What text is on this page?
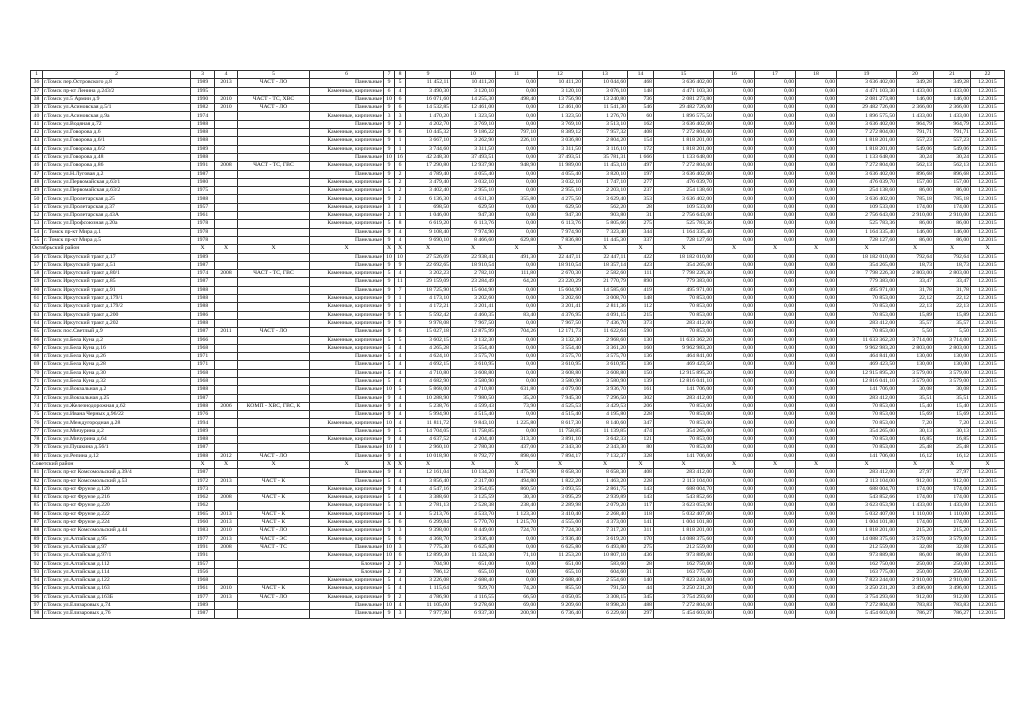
1	2	3	4	5	6	7	8	9	10	11	12	13	14	15	16	17	18	19	20	21	22
36	г.Томск пер.Островского д.8	1989	2013	ЧАСТ - ЛО	Панельные	9	5	11 452,11	10 411,20	0,00	10 411,20	10 044,60	468	3 636 402,00	0,00	0,00	0,00	3 636 402,00	349,28	349,28	12.2015
37	г.Томск пр-кт Ленина д.243/2	1995			Каменные, кирпичные	6	4	3 490,30	3 120,10	0,00	3 120,10	3 076,10	148	4 471 103,30	0,00	0,00	0,00	4 471 103,30	1 433,00	1 433,00	12.2015
38	г.Томск ул.5 Армии д.9	1990	2010	ЧАСТ - ТС, ХВС	Панельные	10	6	16 071,60	14 255,30	498,40	13 756,90	13 240,80	736	2 081 273,80	0,00	0,00	0,00	2 081 273,80	146,00	146,00	12.2015
39	г.Томск ул.Асиновская д.5/1	1982	2010	ЧАСТ - ЛО	Панельные	9	6	14 532,85	12 461,00	0,00	12 461,00	11 541,30	546	29 482 726,00	0,00	0,00	0,00	29 482 726,00	2 366,00	2 366,00	12.2015
40	г.Томск ул.Асиновская д.9а	1974			Каменные, кирпичные	3	3	1 470,20	1 323,50	0,00	1 323,50	1 276,70	60	1 896 575,50	0,00	0,00	0,00	1 896 575,50	1 433,00	1 433,00	12.2015
41	г.Томск ул.Водяная д.72	1988			Панельные	9	2	4 202,70	3 769,10	0,00	3 769,10	3 513,10	162	3 636 402,00	0,00	0,00	0,00	3 636 402,00	964,79	964,79	12.2015
42	г.Томск ул.Говорова д.6	1988			Каменные, кирпичные	9	6	10 445,32	9 186,22	797,10	8 389,12	7 957,32	408	7 272 804,00	0,00	0,00	0,00	7 272 804,00	791,71	791,71	12.2015
43	г.Томск ул.Говорова д.6/1	1988			Каменные, кирпичные	9	1	3 667,10	3 262,90	226,10	3 036,80	2 804,20	154	1 818 201,00	0,00	0,00	0,00	1 818 201,00	557,23	557,23	12.2015
44	г.Томск ул.Говорова д.6/2	1989			Каменные, кирпичные	9	1	3 744,60	3 311,50	0,00	3 311,50	3 116,10	172	1 818 201,00	0,00	0,00	0,00	1 818 201,00	549,06	549,06	12.2015
45	г.Томск ул.Говорова д.48	1988			Панельные	10	16	42 248,30	37 493,51	0,00	37 493,51	35 781,31	1 666	1 133 648,00	0,00	0,00	0,00	1 133 648,00	30,24	30,24	12.2015
46	г.Томск ул.Говорова д.86	1991	2008	ЧАСТ - ТС, ГВС	Каменные, кирпичные	9	6	17 290,80	12 937,90	948,90	11 989,00	11 453,10	497	7 272 804,00	0,00	0,00	0,00	7 272 804,00	562,13	562,13	12.2015
47	г.Томск ул.Н.Луговая д.2	1987			Панельные	9	2	4 789,40	4 055,40	0,00	4 055,40	3 820,10	197	3 636 402,00	0,00	0,00	0,00	3 636 402,00	896,68	896,68	12.2015
48	г.Томск ул.Первомайская д.63/1	1980			Каменные, кирпичные	5	2	3 479,40	3 032,10	0,00	3 032,10	1 747,10	277	476 039,70	0,00	0,00	0,00	476 039,70	157,00	157,00	12.2015
49	г.Томск ул.Первомайская д.63/2	1975			Каменные, кирпичные	5	2	3 402,40	2 955,10	0,00	2 955,10	2 203,10	237	254 138,60	0,00	0,00	0,00	254 138,60	86,00	86,00	12.2015
50	г.Томск ул.Пролетарская д.25	1988			Каменные, кирпичные	9	2	6 136,30	4 631,30	355,80	4 275,50	3 629,40	353	3 636 402,00	0,00	0,00	0,00	3 636 402,00	785,18	785,18	12.2015
51	г.Томск ул.Пролетарская д.37	1957			Каменные, кирпичные	3	1	698,50	629,50	0,00	629,50	562,20	28	109 533,00	0,00	0,00	0,00	109 533,00	174,00	174,00	12.2015
52	г.Томск ул.Пролетарская д.43А	1961			Каменные, кирпичные	2	1	1 046,00	947,30	0,00	947,30	903,80	31	2 756 643,00	0,00	0,00	0,00	2 756 643,00	2 910,00	2 910,00	12.2015
53	г.Томск ул.Профсоюзная д.20а	1978			Каменные, кирпичные	5	8	6 619,20	6 113,76	0,00	6 113,76	5 805,66	275	525 783,36	0,00	0,00	0,00	525 783,36	86,00	86,00	12.2015
54	г. Томск пр-кт Мира д.1	1978			Панельные	9	4	9 108,40	7 974,90	0,00	7 974,90	7 323,40	344	1 164 335,40	0,00	0,00	0,00	1 164 335,40	146,00	146,00	12.2015
55	г. Томск пр-кт Мира д.5	1978			Панельные	9	4	9 690,10	8 466,60	629,80	7 836,80	11 445,30	337	728 127,60	0,00	0,00	0,00	728 127,60	86,00	86,00	12.2015
Октябрьский район		X	X	X	X	X	X	X	X	X	X	X	X	X	X	X	X	X	X	X	X
56	г.Томск Иркутский тракт д.17	1989			Панельные	10	10	27 526,09	22 938,41	491,30	22 447,11	22 447,11	422	18 182 010,00	0,00	0,00	0,00	18 182 010,00	792,64	792,64	12.2015
57	г.Томск Иркутский тракт д.51	1987			Панельные	9	9	22 692,65	18 910,54	0,00	18 910,54	18 357,14	423	354 265,00	0,00	0,00	0,00	354 265,00	18,73	18,73	12.2015
58	г.Томск Иркутский тракт д.80/1	1974	2008	ЧАСТ - ТС, ГВС	Каменные, кирпичные	5	4	3 202,23	2 782,10	111,80	2 670,30	2 582,60	111	7 798 226,30	0,00	0,00	0,00	7 798 226,30	2 803,00	2 803,00	12.2015
59	г.Томск Иркутский тракт д.85	1987			Панельные	9	11	29 159,09	23 284,49	64,20	23 220,29	21 770,79	890	779 383,00	0,00	0,00	0,00	779 383,00	33,47	33,47	12.2015
60	г.Томск Иркутский тракт д.91	1988			Панельные	9	7	18 725,90	15 604,90	0,00	15 604,90	14 585,60	419	495 971,00	0,00	0,00	0,00	495 971,00	31,78	31,78	12.2015
61	г.Томск Иркутский тракт д.179/1	1988			Каменные, кирпичные	9	1	4 173,10	3 202,60	0,00	3 202,60	3 008,70	148	70 853,00	0,00	0,00	0,00	70 853,00	22,12	22,12	12.2015
62	г.Томск Иркутский тракт д.179/2	1988			Каменные, кирпичные	9	1	4 172,21	3 201,41	0,00	3 201,41	2 811,36	112	70 853,00	0,00	0,00	0,00	70 853,00	22,13	22,13	12.2015
63	г.Томск Иркутский тракт д.200	1986			Каменные, кирпичные	9	5	5 592,42	4 460,35	83,40	4 376,95	4 091,15	215	70 853,00	0,00	0,00	0,00	70 853,00	15,89	15,89	12.2015
64	г.Томск Иркутский тракт д.202	1988			Каменные, кирпичные	9	9	9 978,08	7 967,50	0,00	7 967,50	7 436,70	373	283 412,00	0,00	0,00	0,00	283 412,00	35,57	35,57	12.2015
65	г.Томск пос.Светлый д.9	1987	2011	ЧАСТ - ЛО	Панельные	9	6	15 027,18	12 875,99	704,26	12 171,73	11 622,64	590	70 853,00	0,00	0,00	0,00	70 853,00	5,50	5,50	12.2015
66	г.Томск ул.Бела Куна д.2	1966			Каменные, кирпичные	5	5	3 602,15	3 132,30	0,00	3 132,30	2 968,60	130	11 633 362,20	0,00	0,00	0,00	11 633 362,20	3 714,00	3 714,00	12.2015
67	г.Томск ул.Бела Куна д.16	1968			Каменные, кирпичные	5	4	4 265,28	3 554,40	0,00	3 554,40	3 361,20	160	9 962 983,20	0,00	0,00	0,00	9 962 983,20	2 803,00	2 803,00	12.2015
68	г.Томск ул.Бела Куна д.26	1971			Панельные	5	4	4 624,10	3 575,70	0,00	3 575,70	3 575,70	136	464 841,00	0,00	0,00	0,00	464 841,00	130,00	130,00	12.2015
69	г.Томск ул.Бела Куна д.28	1971			Панельные	5	4	4 692,15	3 610,95	0,00	3 610,95	3 610,95	136	469 423,50	0,00	0,00	0,00	469 423,50	130,00	130,00	12.2015
70	г.Томск ул.Бела Куна д.30	1968			Панельные	5	4	4 710,80	3 608,80	0,00	3 608,80	3 608,80	150	12 915 895,20	0,00	0,00	0,00	12 915 895,20	3 579,00	3 579,00	12.2015
71	г.Томск ул.Бела Куна д.32	1968			Панельные	5	4	4 682,90	3 580,90	0,00	3 580,90	3 580,90	139	12 816 041,10	0,00	0,00	0,00	12 816 041,10	3 579,00	3 579,00	12.2015
72	г.Томск ул.Вокзальная д.2	1988			Панельные	10	5	5 868,00	4 710,80	631,80	4 079,00	3 936,70	161	141 706,00	0,00	0,00	0,00	141 706,00	30,08	30,08	12.2015
73	г.Томск ул.Вокзальная д.25	1987			Панельные	9	4	10 288,90	7 980,50	35,20	7 945,30	7 296,50	302	283 412,00	0,00	0,00	0,00	283 412,00	35,51	35,51	12.2015
74	г.Томск ул.Железнодорожная д.62	1988	2006	КОМП - ХВС, ГВС, К	Панельные	9	4	5 238,76	4 599,43	73,90	4 525,53	3 429,53	206	70 853,00	0,00	0,00	0,00	70 853,00	15,40	15,40	12.2015
75	г.Томск ул.Ивана Черных д.96/22	1976			Панельные	9	4	5 994,90	4 515,40	0,00	4 515,40	4 195,80	228	70 853,00	0,00	0,00	0,00	70 853,00	15,69	15,69	12.2015
76	г.Томск ул.Междугородная д.28	1994			Каменные, кирпичные	10	4	11 811,72	9 843,10	1 225,80	8 617,30	8 140,60	347	70 853,00	0,00	0,00	0,00	70 853,00	7,20	7,20	12.2015
77	г.Томск ул.Мичурина д.2	1989			Панельные	9	5	14 704,05	11 758,85	0,00	11 758,85	11 139,85	474	354 265,00	0,00	0,00	0,00	354 265,00	30,13	30,13	12.2015
78	г.Томск ул.Мичурина д.64	1988			Каменные, кирпичные	9	4	4 637,52	4 204,40	313,30	3 891,10	3 642,33	121	70 853,00	0,00	0,00	0,00	70 853,00	16,85	16,85	12.2015
79	г.Томск ул.Пушкина д.56/1	1987			Панельные	10	1	2 960,10	2 780,30	437,00	2 343,30	2 343,30	80	70 853,00	0,00	0,00	0,00	70 853,00	25,48	25,48	12.2015
80	г.Томск ул.Репина д.12	1988	2012	ЧАСТ - ЛО	Панельные	9	4	10 018,90	8 792,77	898,60	7 894,17	7 132,37	328	141 706,00	0,00	0,00	0,00	141 706,00	16,12	16,12	12.2015
Советский район		X	X	X	X	X	X	X	X	X	X	X	X	X	X	X	X	X	X	X	X
81	г.Томск пр-кт Комсомольский д.39/4	1987			Панельные	9	4	12 161,04	10 134,20	1 475,90	8 658,30	8 658,30	408	283 412,00	0,00	0,00	0,00	283 412,00	27,97	27,97	12.2015
82	г.Томск пр-кт Комсомольский д.53	1972	2013	ЧАСТ - К	Панельные	5	4	3 856,40	2 317,00	494,80	1 822,20	1 463,20	228	2 113 104,00	0,00	0,00	0,00	2 113 104,00	912,00	912,00	12.2015
83	г.Томск пр-кт Фрунзе д.120	1973			Каменные, кирпичные	9	4	4 547,16	3 954,05	860,50	3 093,55	2 861,75	143	688 004,70	0,00	0,00	0,00	688 004,70	174,00	174,00	12.2015
84	г.Томск пр-кт Фрунзе д.216	1962	2008	ЧАСТ - К	Каменные, кирпичные	5	4	3 388,60	3 125,59	30,30	3 095,29	2 939,89	143	543 852,66	0,00	0,00	0,00	543 852,66	174,00	174,00	12.2015
85	г.Томск пр-кт Фрунзе д.220	1962			Каменные, кирпичные	5	3	2 781,13	2 528,38	238,40	2 289,98	2 079,20	117	3 623 053,90	0,00	0,00	0,00	3 623 053,90	1 433,00	1 433,00	12.2015
86	г.Томск пр-кт Фрунзе д.222	1965	2013	ЧАСТ - К	Каменные, кирпичные	5	4	5 213,76	4 533,70	1 123,30	3 410,40	2 268,40	118	5 032 407,00	0,00	0,00	0,00	5 032 407,00	1 110,00	1 110,00	12.2015
87	г.Томск пр-кт Фрунзе д.224	1960	2013	ЧАСТ - К	Каменные, кирпичные	5	6	6 299,84	5 770,70	1 215,70	4 555,00	4 373,00	141	1 004 101,80	0,00	0,00	0,00	1 004 101,80	174,00	174,00	12.2015
88	г.Томск пр-кт Комсомольский д.44	1983	2010	ЧАСТ - ЛО	Каменные, кирпичные	9	3	9 398,00	8 449,00	724,70	7 724,30	7 317,20	311	1 818 201,00	0,00	0,00	0,00	1 818 201,00	215,20	215,20	12.2015
89	г.Томск ул.Алтайская д.95	1977	2013	ЧАСТ - ЭС	Каменные, кирпичные	5	6	4 368,70	3 936,40	0,00	3 936,40	3 619,20	170	14 088 375,60	0,00	0,00	0,00	14 088 375,60	3 579,00	3 579,00	12.2015
90	г.Томск ул.Алтайская д.97	1991	2008	ЧАСТ - ТС	Панельные	10	3	7 775,30	6 625,80	0,00	6 625,80	6 493,80	275	212 559,00	0,00	0,00	0,00	212 559,00	32,08	32,08	12.2015
91	г.Томск ул.Алтайская д.97/1	1991			Каменные, кирпичные	10	6	12 899,30	11 324,30	71,10	11 253,20	10 807,10	436	973 889,80	0,00	0,00	0,00	973 889,80	86,00	86,00	12.2015
92	г.Томск ул.Алтайская д.112	1957			Блочные	2	2	704,90	651,00	0,00	651,00	583,60	28	162 750,00	0,00	0,00	0,00	162 750,00	250,00	250,00	12.2015
93	г.Томск ул.Алтайская д.114	1956			Блочные	2	2	786,12	655,10	0,00	655,10	604,60	31	163 775,00	0,00	0,00	0,00	163 775,00	250,00	250,00	12.2015
94	г.Томск ул.Алтайская д.122	1968			Каменные, кирпичные	5	4	3 226,08	2 688,40	0,00	2 688,40	2 554,60	140	7 823 244,00	0,00	0,00	0,00	7 823 244,00	2 910,00	2 910,00	12.2015
95	г.Томск ул.Алтайская д.163	1961	2010	ЧАСТ - К	Каменные, кирпичные	5	4	1 115,64	929,70	74,20	855,50	791,50	44	3 250 231,20	0,00	0,00	0,00	3 250 231,20	3 496,00	3 496,00	12.2015
96	г.Томск ул.Алтайская д.163Б	1977	2013	ЧАСТ - ЛО	Каменные, кирпичные	9	2	4 786,90	4 116,55	66,50	4 050,05	3 308,15	345	3 754 293,60	0,00	0,00	0,00	3 754 293,60	912,00	912,00	12.2015
97	г.Томск ул.Елизаровых д.74	1989			Панельные	10	4	11 105,00	9 278,60	69,00	9 209,60	8 998,20	488	7 272 804,00	0,00	0,00	0,00	7 272 804,00	783,83	783,83	12.2015
98	г.Томск ул.Елизаровых д.76	1987			Панельные	9	3	7 977,90	6 937,30	200,90	6 736,40	6 229,60	297	5 454 603,00	0,00	0,00	0,00	5 454 603,00	786,27	786,27	12.2015
